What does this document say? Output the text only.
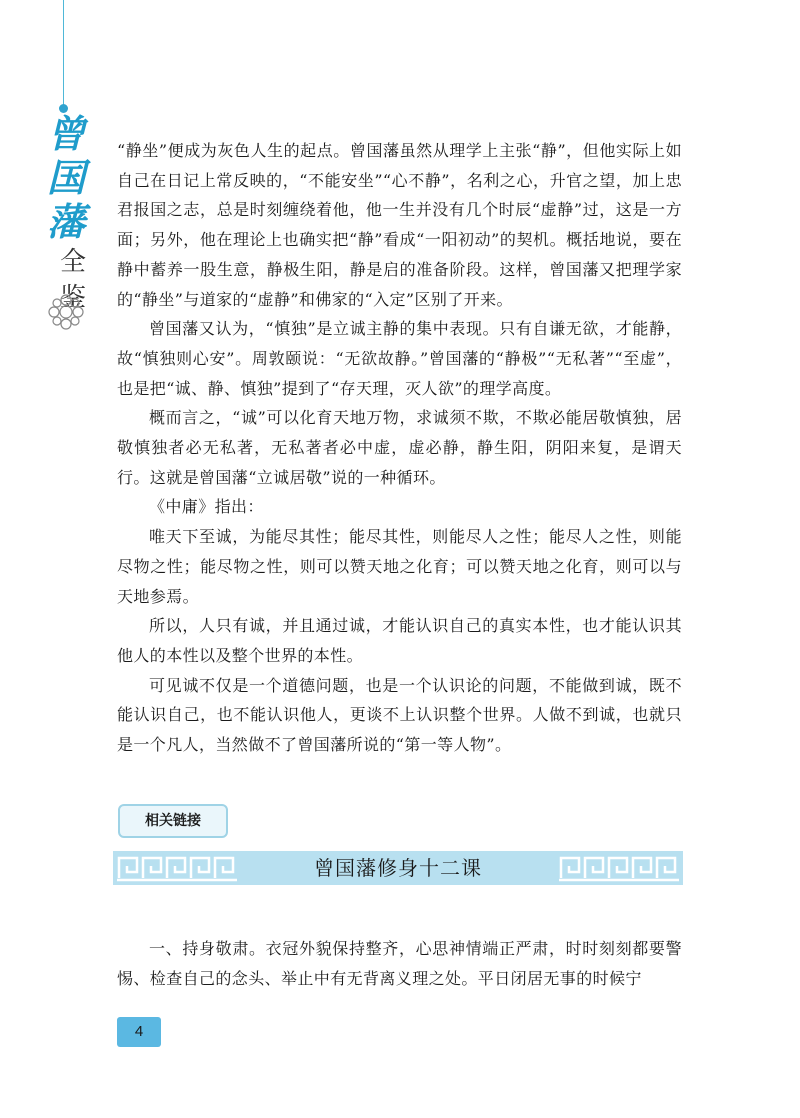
曾
国
藩
全
鉴

“静坐”便成为灰色人生的起点。曾国藩虽然从理学上主张“静”，但他实际上如自己在日记上常反映的，“不能安坐”“心不静”，名利之心，升官之望，加上忠君报国之志，总是时刻缠绕着他，他一生并没有几个时辰“虚静”过，这是一方面；另外，他在理论上也确实把“静”看成“一阳初动”的契机。概括地说，要在静中蓄养一股生意，静极生阳，静是启的准备阶段。这样，曾国藩又把理学家的“静坐”与道家的“虚静”和佛家的“入定”区别了开来。

曾国藩又认为，“慎独”是立诚主静的集中表现。只有自谦无欲，才能静，故“慎独则心安”。周敦颐说：“无欲故静。”曾国藩的“静极”“无私著”“至虚”，也是把“诚、静、慎独”提到了“存天理，灭人欲”的理学高度。

概而言之，“诚”可以化育天地万物，求诚须不欺，不欺必能居敬慎独，居敬慎独者必无私著，无私著者必中虚，虚必静，静生阳，阴阳来复，是谓天行。这就是曾国藩“立诚居敬”说的一种循环。

《中庸》指出：

唯天下至诚，为能尽其性；能尽其性，则能尽人之性；能尽人之性，则能尽物之性；能尽物之性，则可以赞天地之化育；可以赞天地之化育，则可以与天地参焉。

所以，人只有诚，并且通过诚，才能认识自己的真实本性，也才能认识其他人的本性以及整个世界的本性。

可见诚不仅是一个道德问题，也是一个认识论的问题，不能做到诚，既不能认识自己，也不能认识他人，更谈不上认识整个世界。人做不到诚，也就只是一个凡人，当然做不了曾国藩所说的“第一等人物”。

相关链接
曾国藩修身十二课

一、持身敬肃。衣冠外貌保持整齐，心思神情端正严肃，时时刻刻都要警惕、检查自己的念头、举止中有无背离义理之处。平日闭居无事的时候宁

4
